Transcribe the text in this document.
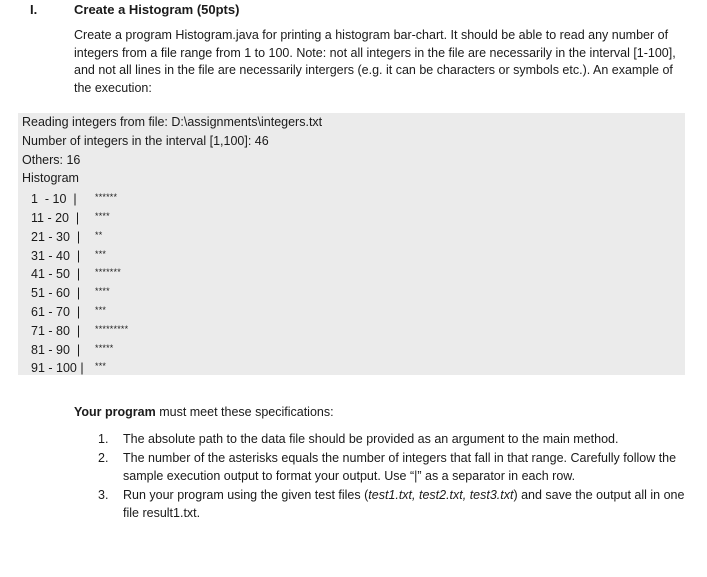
I.	Create a Histogram (50pts)

Create a program Histogram.java for printing a histogram bar-chart. It should be able to read any number of integers from a file range from 1 to 100. Note: not all integers in the file are necessarily in the interval [1-100], and not all lines in the file are necessarily intergers (e.g. it can be characters or symbols etc.). An example of the execution:

Reading integers from file: D:\assignments\integers.txt
Number of integers in the interval [1,100]: 46
Others: 16
Histogram
1  - 10  | ******
11 - 20  | ****
21 - 30  | **
31 - 40  | ***
41 - 50  | *******
51 - 60  | ****
61 - 70  | ***
71 - 80  | *********
81 - 90  | *****
91 - 100 | ***
Your program must meet these specifications:
1. The absolute path to the data file should be provided as an argument to the main method.
2. The number of the asterisks equals the number of integers that fall in that range. Carefully follow the sample execution output to format your output. Use “|” as a separator in each row.
3. Run your program using the given test files (test1.txt, test2.txt, test3.txt) and save the output all in one file result1.txt.
